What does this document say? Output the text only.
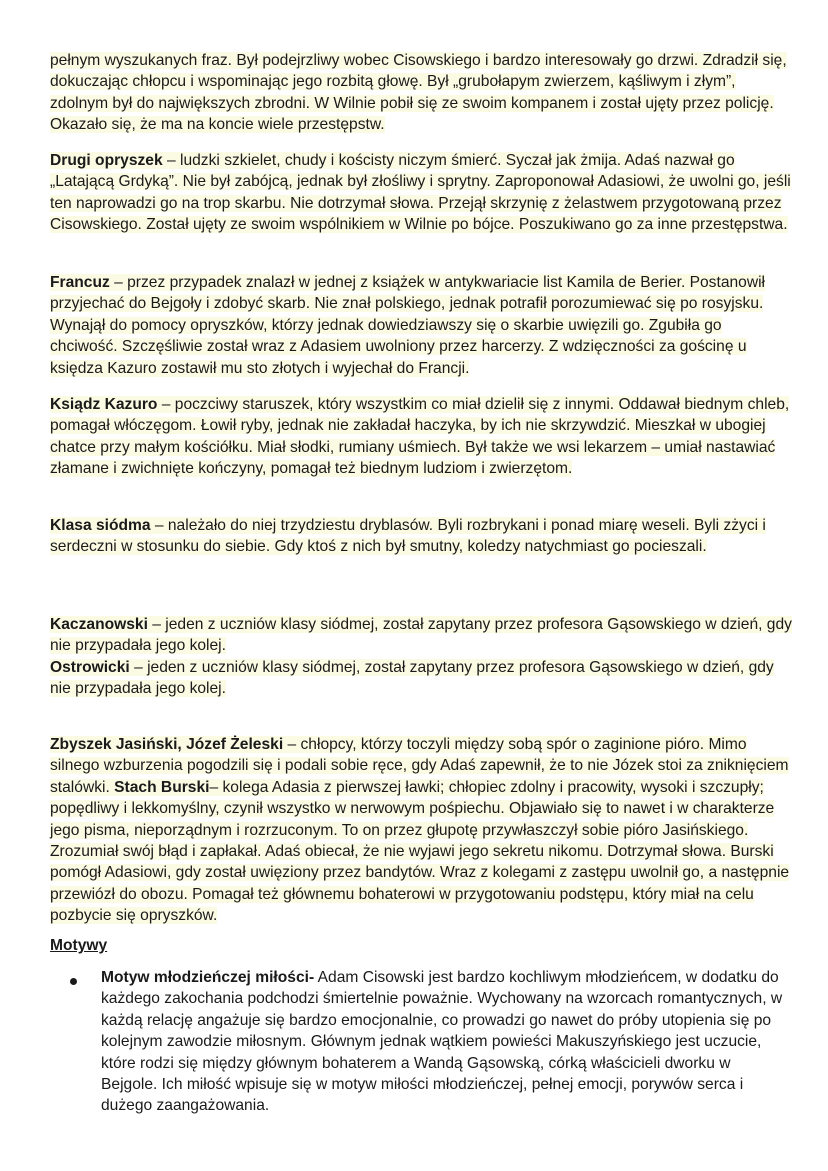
pełnym wyszukanych fraz. Był podejrzliwy wobec Cisowskiego i bardzo interesowały go drzwi. Zdradził się, dokuczając chłopcu i wspominając jego rozbitą głowę. Był „grubołapym zwierzem, kąśliwym i złym”, zdolnym był do największych zbrodni. W Wilnie pobił się ze swoim kompanem i został ujęty przez policję. Okazało się, że ma na koncie wiele przestępstw.
Drugi opryszek – ludzki szkielet, chudy i kościsty niczym śmierć. Syczał jak żmija. Adaś nazwał go „Latającą Grdyką”. Nie był zabójcą, jednak był złośliwy i sprytny. Zaproponował Adasiowi, że uwolni go, jeśli ten naprowadzi go na trop skarbu. Nie dotrzymał słowa. Przejął skrzynię z żelastwem przygotowaną przez Cisowskiego. Został ujęty ze swoim wspólnikiem w Wilnie po bójce. Poszukiwano go za inne przestępstwa.
Francuz – przez przypadek znalazł w jednej z książek w antykwariacie list Kamila de Berier. Postanowił przyjechać do Bejgoły i zdobyć skarb. Nie znał polskiego, jednak potrafił porozumiewać się po rosyjsku. Wynajął do pomocy opryszków, którzy jednak dowiedziawszy się o skarbie uwięzili go. Zgubiła go chciwość. Szczęśliwie został wraz z Adasiem uwolniony przez harcerzy. Z wdzięczności za gościnę u księdza Kazuro zostawił mu sto złotych i wyjechał do Francji.
Ksiądz Kazuro – poczciwy staruszek, który wszystkim co miał dzielił się z innymi. Oddawał biednym chleb, pomagał włóczęgom. Łowił ryby, jednak nie zakładał haczyka, by ich nie skrzywdzić. Mieszkał w ubogiej chatce przy małym kościółku. Miał słodki, rumiany uśmiech. Był także we wsi lekarzem – umiał nastawiać złamane i zwichnięte kończyny, pomagał też biednym ludziom i zwierzętom.
Klasa siódma – należało do niej trzydziestu dryblasów. Byli rozbrykani i ponad miarę weseli. Byli zżyci i serdeczni w stosunku do siebie. Gdy ktoś z nich był smutny, koledzy natychmiast go pocieszali.
Kaczanowski – jeden z uczniów klasy siódmej, został zapytany przez profesora Gąsowskiego w dzień, gdy nie przypadała jego kolej.
Ostrowicki – jeden z uczniów klasy siódmej, został zapytany przez profesora Gąsowskiego w dzień, gdy nie przypadała jego kolej.
Zbyszek Jasiński, Józef Żeleski – chłopcy, którzy toczyli między sobą spór o zaginione pióro. Mimo silnego wzburzenia pogodzili się i podali sobie ręce, gdy Adaś zapewnił, że to nie Józek stoi za zniknięciem stalówki. Stach Burski– kolega Adasia z pierwszej ławki; chłopiec zdolny i pracowity, wysoki i szczupły; popędliwy i lekkomyślny, czynił wszystko w nerwowym pośpiechu. Objawiało się to nawet i w charakterze jego pisma, nieporządnym i rozrzuconym. To on przez głupotę przywłaszczył sobie pióro Jasińskiego. Zrozumiał swój błąd i zapłakał. Adaś obiecał, że nie wyjawi jego sekretu nikomu. Dotrzymał słowa. Burski pomógł Adasiowi, gdy został uwięziony przez bandytów. Wraz z kolegami z zastępu uwolnił go, a następnie przewiózł do obozu. Pomagał też głównemu bohaterowi w przygotowaniu podstępu, który miał na celu pozbycie się opryszków.
Motywy
Motyw młodzieńczej miłości- Adam Cisowski jest bardzo kochliwym młodzieńcem, w dodatku do każdego zakochania podchodzi śmiertelnie poważnie. Wychowany na wzorcach romantycznych, w każdą relację angażuje się bardzo emocjonalnie, co prowadzi go nawet do próby utopienia się po kolejnym zawodzie miłosnym. Głównym jednak wątkiem powieści Makuszyńskiego jest uczucie, które rodzi się między głównym bohaterem a Wandą Gąsowską, córką właścicieli dworku w Bejgole. Ich miłość wpisuje się w motyw miłości młodzieńczej, pełnej emocji, porywów serca i dużego zaangażowania.
